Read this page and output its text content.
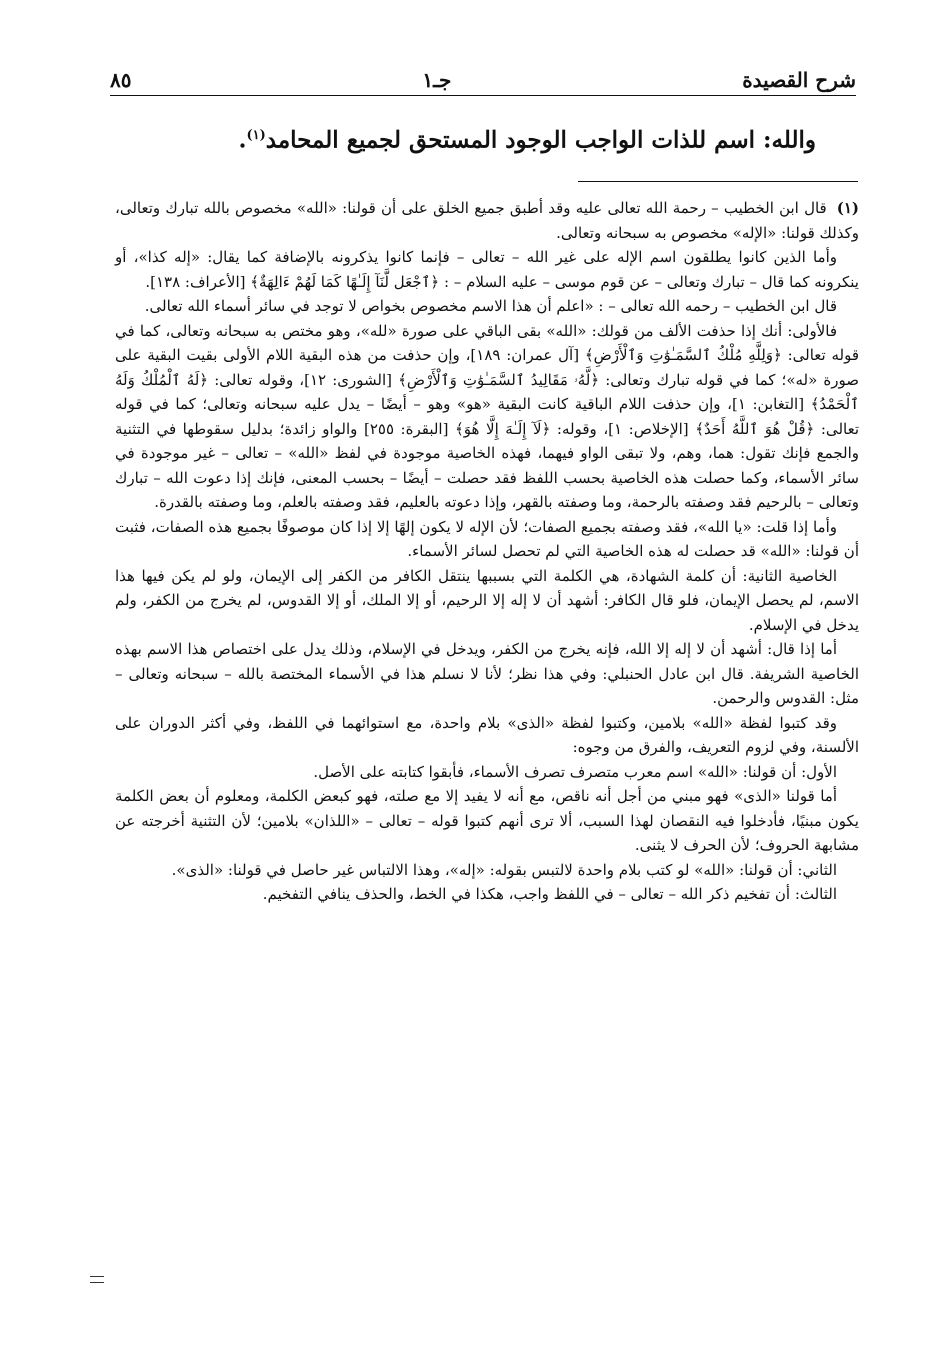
شرح القصيدة
جـ١
٨٥
والله: اسم للذات الواجب الوجود المستحق لجميع المحامد$^{(١)}$.

(١)قال ابن الخطيب – رحمة الله تعالى عليه وقد أطبق جميع الخلق على أن قولنا: «الله» مخصوص بالله تبارك وتعالى، وكذلك قولنا: «الإله» مخصوص به سبحانه وتعالى.

وأما الذين كانوا يطلقون اسم الإله على غير الله – تعالى – فإنما كانوا يذكرونه بالإضافة كما يقال: «إله كذا»، أو ينكرونه كما قال – تبارك وتعالى – عن قوم موسى – عليه السلام – : ﴿ٱجْعَل لَّنَآ إِلَـٰهًا كَمَا لَهُمْ ءَالِهَةٌ﴾ [الأعراف: ١٣٨].

قال ابن الخطيب – رحمه الله تعالى – : «اعلم أن هذا الاسم مخصوص بخواص لا توجد في سائر أسماء الله تعالى.

فالأولى: أنك إذا حذفت الألف من قولك: «الله» بقى الباقي على صورة «لله»، وهو مختص به سبحانه وتعالى، كما في قوله تعالى: ﴿وَلِلَّهِ مُلْكُ ٱلسَّمَـٰوَٰتِ وَٱلْأَرْضِ﴾ [آل عمران: ١٨٩]، وإن حذفت من هذه البقية اللام الأولى بقيت البقية على صورة «له»؛ كما في قوله تبارك وتعالى: ﴿لَّهُۥ مَقَالِيدُ ٱلسَّمَـٰوَٰتِ وَٱلْأَرْضِ﴾ [الشورى: ١٢]، وقوله تعالى: ﴿لَهُ ٱلْمُلْكُ وَلَهُ ٱلْحَمْدُ﴾ [التغابن: ١]، وإن حذفت اللام الباقية كانت البقية «هو» وهو – أيضًا – يدل عليه سبحانه وتعالى؛ كما في قوله تعالى: ﴿قُلْ هُوَ ٱللَّهُ أَحَدٌ﴾ [الإخلاص: ١]، وقوله: ﴿لَآ إِلَـٰهَ إِلَّا هُوَ﴾ [البقرة: ٢٥٥] والواو زائدة؛ بدليل سقوطها في التثنية والجمع فإنك تقول: هما، وهم، ولا تبقى الواو فيهما، فهذه الخاصية موجودة في لفظ «الله» – تعالى – غير موجودة في سائر الأسماء، وكما حصلت هذه الخاصية بحسب اللفظ فقد حصلت – أيضًا – بحسب المعنى، فإنك إذا دعوت الله – تبارك وتعالى – بالرحيم فقد وصفته بالرحمة، وما وصفته بالقهر، وإذا دعوته بالعليم، فقد وصفته بالعلم، وما وصفته بالقدرة.

وأما إذا قلت: «يا الله»، فقد وصفته بجميع الصفات؛ لأن الإله لا يكون إلهًا إلا إذا كان موصوفًا بجميع هذه الصفات، فثبت أن قولنا: «الله» قد حصلت له هذه الخاصية التي لم تحصل لسائر الأسماء.

الخاصية الثانية: أن كلمة الشهادة، هي الكلمة التي بسببها ينتقل الكافر من الكفر إلى الإيمان، ولو لم يكن فيها هذا الاسم، لم يحصل الإيمان، فلو قال الكافر: أشهد أن لا إله إلا الرحيم، أو إلا الملك، أو إلا القدوس، لم يخرج من الكفر، ولم يدخل في الإسلام.

أما إذا قال: أشهد أن لا إله إلا الله، فإنه يخرج من الكفر، ويدخل في الإسلام، وذلك يدل على اختصاص هذا الاسم بهذه الخاصية الشريفة. قال ابن عادل الحنبلي: وفي هذا نظر؛ لأنا لا نسلم هذا في الأسماء المختصة بالله – سبحانه وتعالى – مثل: القدوس والرحمن.

وقد كتبوا لفظة «الله» بلامين، وكتبوا لفظة «الذى» بلام واحدة، مع استوائهما في اللفظ، وفي أكثر الدوران على الألسنة، وفي لزوم التعريف، والفرق من وجوه:

الأول: أن قولنا: «الله» اسم معرب متصرف تصرف الأسماء، فأبقوا كتابته على الأصل.

أما قولنا «الذى» فهو مبني من أجل أنه ناقص، مع أنه لا يفيد إلا مع صلته، فهو كبعض الكلمة، ومعلوم أن بعض الكلمة يكون مبنيًا، فأدخلوا فيه النقصان لهذا السبب، ألا ترى أنهم كتبوا قوله – تعالى – «اللذان» بلامين؛ لأن التثنية أخرجته عن مشابهة الحروف؛ لأن الحرف لا يثنى.

الثاني: أن قولنا: «الله» لو كتب بلام واحدة لالتبس بقوله: «إله»، وهذا الالتباس غير حاصل في قولنا: «الذى».

الثالث: أن تفخيم ذكر الله – تعالى – في اللفظ واجب، هكذا في الخط، والحذف ينافي التفخيم.
